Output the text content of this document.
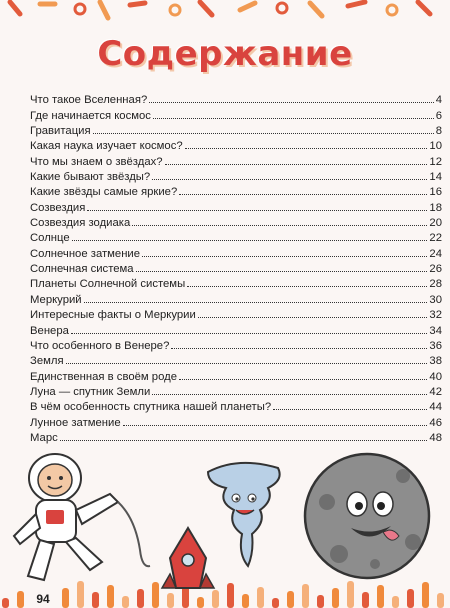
Содержание
Что такое Вселенная?	4
Где начинается космос	6
Гравитация	8
Какая наука изучает космос?	10
Что мы знаем о звёздах?	12
Какие бывают звёзды?	14
Какие звёзды самые яркие?	16
Созвездия	18
Созвездия зодиака	20
Солнце	22
Солнечное затмение	24
Солнечная система	26
Планеты Солнечной системы	28
Меркурий	30
Интересные факты о Меркурии	32
Венера	34
Что особенного в Венере?	36
Земля	38
Единственная в своём роде	40
Луна — спутник Земли	42
В чём особенность спутника нашей планеты?	44
Лунное затмение	46
Марс	48
94
